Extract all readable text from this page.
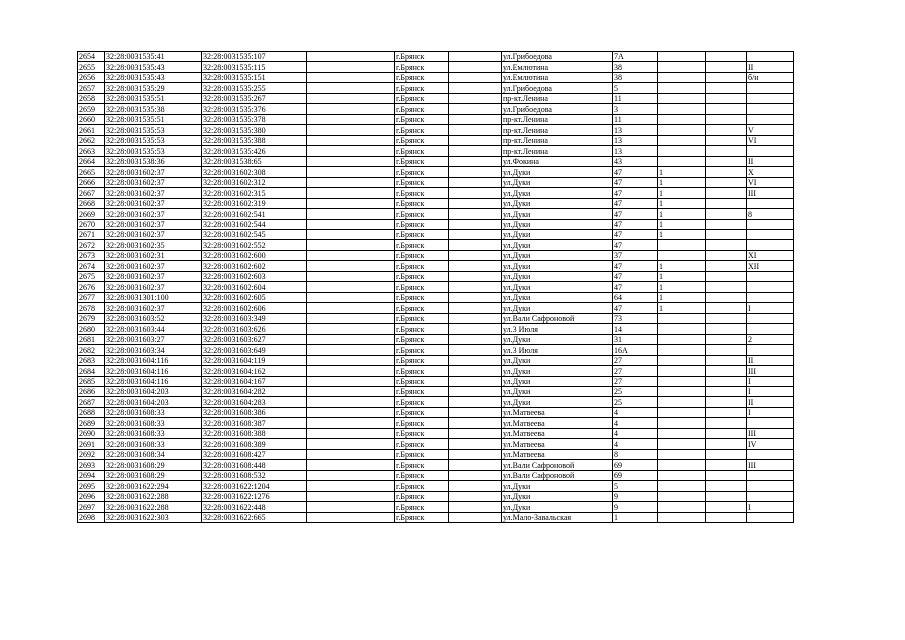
2654	32:28:0031535:41	32:28:0031535:107		г.Брянск		ул.Грибоедова	7А			
2655	32:28:0031535:43	32:28:0031535:115		г.Брянск		ул.Емлютина	38			II
2656	32:28:0031535:43	32:28:0031535:151		г.Брянск		ул.Емлютина	38			б/н
2657	32:28:0031535:29	32:28:0031535:255		г.Брянск		ул.Грибоедова	5			
2658	32:28:0031535:51	32:28:0031535:267		г.Брянск		пр-кт.Ленина	11			
2659	32:28:0031535:38	32:28:0031535:376		г.Брянск		ул.Грибоедова	3			
2660	32:28:0031535:51	32:28:0031535:378		г.Брянск		пр-кт.Ленина	11			
2661	32:28:0031535:53	32:28:0031535:380		г.Брянск		пр-кт.Ленина	13			V
2662	32:28:0031535:53	32:28:0031535:388		г.Брянск		пр-кт.Ленина	13			VI
2663	32:28:0031535:53	32:28:0031535:426		г.Брянск		пр-кт.Ленина	13			
2664	32:28:0031538:36	32:28:0031538:65		г.Брянск		ул.Фокина	43			II
2665	32:28:0031602:37	32:28:0031602:308		г.Брянск		ул.Дуки	47	1		X
2666	32:28:0031602:37	32:28:0031602:312		г.Брянск		ул.Дуки	47	1		VI
2667	32:28:0031602:37	32:28:0031602:315		г.Брянск		ул.Дуки	47	1		III
2668	32:28:0031602:37	32:28:0031602:319		г.Брянск		ул.Дуки	47	1		
2669	32:28:0031602:37	32:28:0031602:541		г.Брянск		ул.Дуки	47	1		8
2670	32:28:0031602:37	32:28:0031602:544		г.Брянск		ул.Дуки	47	1		
2671	32:28:0031602:37	32:28:0031602:545		г.Брянск		ул.Дуки	47	1		
2672	32:28:0031602:35	32:28:0031602:552		г.Брянск		ул.Дуки	47			
2673	32:28:0031602:31	32:28:0031602:600		г.Брянск		ул.Дуки	37			XI
2674	32:28:0031602:37	32:28:0031602:602		г.Брянск		ул.Дуки	47	1		XII
2675	32:28:0031602:37	32:28:0031602:603		г.Брянск		ул.Дуки	47	1		
2676	32:28:0031602:37	32:28:0031602:604		г.Брянск		ул.Дуки	47	1		
2677	32:28:0031301:100	32:28:0031602:605		г.Брянск		ул.Дуки	64	1		
2678	32:28:0031602:37	32:28:0031602:606		г.Брянск		ул.Дуки	47	1		I
2679	32:28:0031603:52	32:28:0031603:349		г.Брянск		ул.Вали Сафроновой	73			
2680	32:28:0031603:44	32:28:0031603:626		г.Брянск		ул.3 Июля	14			
2681	32:28:0031603:27	32:28:0031603:627		г.Брянск		ул.Дуки	31			2
2682	32:28:0031603:34	32:28:0031603:649		г.Брянск		ул.3 Июля	16А			
2683	32:28:0031604:116	32:28:0031604:119		г.Брянск		ул.Дуки	27			II
2684	32:28:0031604:116	32:28:0031604:162		г.Брянск		ул.Дуки	27			III
2685	32:28:0031604:116	32:28:0031604:167		г.Брянск		ул.Дуки	27			I
2686	32:28:0031604:203	32:28:0031604:282		г.Брянск		ул.Дуки	25			I
2687	32:28:0031604:203	32:28:0031604:283		г.Брянск		ул.Дуки	25			II
2688	32:28:0031608:33	32:28:0031608:386		г.Брянск		ул.Матвеева	4			I
2689	32:28:0031608:33	32:28:0031608:387		г.Брянск		ул.Матвеева	4			
2690	32:28:0031608:33	32:28:0031608:388		г.Брянск		ул.Матвеева	4			III
2691	32:28:0031608:33	32:28:0031608:389		г.Брянск		ул.Матвеева	4			IV
2692	32:28:0031608:34	32:28:0031608:427		г.Брянск		ул.Матвеева	8			
2693	32:28:0031608:29	32:28:0031608:448		г.Брянск		ул.Вали Сафроновой	69			III
2694	32:28:0031608:29	32:28:0031608:532		г.Брянск		ул.Вали Сафроновой	69			
2695	32:28:0031622:294	32:28:0031622:1204		г.Брянск		ул.Дуки	5			
2696	32:28:0031622:288	32:28:0031622:1276		г.Брянск		ул.Дуки	9			
2697	32:28:0031622:288	32:28:0031622:448		г.Брянск		ул.Дуки	9			I
2698	32:28:0031622:303	32:28:0031622:665		г.Брянск		ул.Мало-Завальская	1			
